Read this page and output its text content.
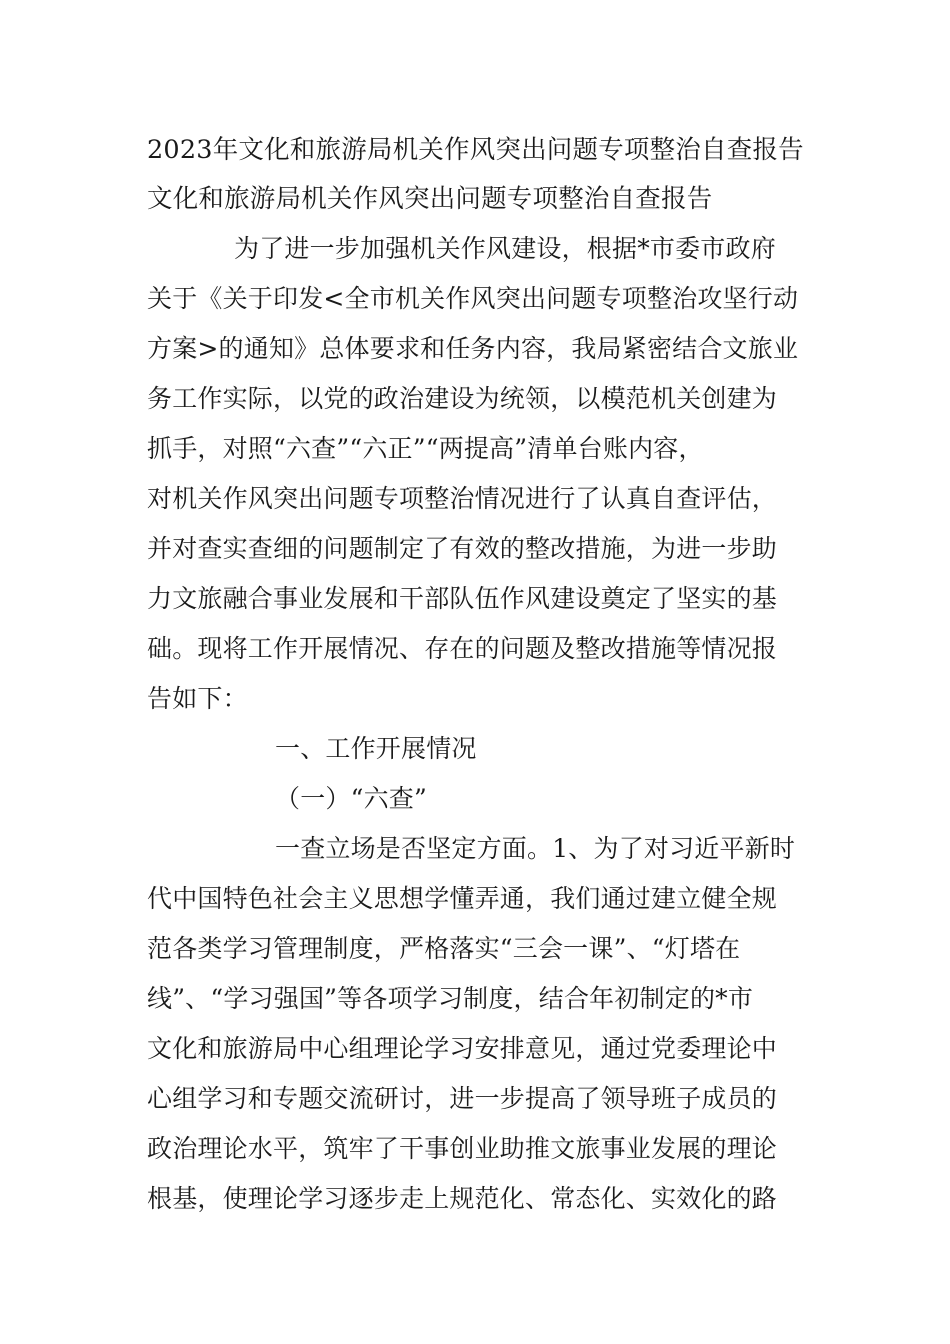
2023年文化和旅游局机关作风突出问题专项整治自查报告
文化和旅游局机关作风突出问题专项整治自查报告
为了进一步加强机关作风建设，根据*市委市政府
关于《关于印发<全市机关作风突出问题专项整治攻坚行动
方案>的通知》总体要求和任务内容，我局紧密结合文旅业
务工作实际，以党的政治建设为统领，以模范机关创建为
抓手，对照“六查”“六正”“两提高”清单台账内容，
对机关作风突出问题专项整治情况进行了认真自查评估，
并对查实查细的问题制定了有效的整改措施，为进一步助
力文旅融合事业发展和干部队伍作风建设奠定了坚实的基
础。现将工作开展情况、存在的问题及整改措施等情况报
告如下：
一、工作开展情况
（一）“六查”
一查立场是否坚定方面。1、为了对习近平新时
代中国特色社会主义思想学懂弄通，我们通过建立健全规
范各类学习管理制度，严格落实“三会一课”、“灯塔在
线”、“学习强国”等各项学习制度，结合年初制定的*市
文化和旅游局中心组理论学习安排意见，通过党委理论中
心组学习和专题交流研讨，进一步提高了领导班子成员的
政治理论水平，筑牢了干事创业助推文旅事业发展的理论
根基，使理论学习逐步走上规范化、常态化、实效化的路
